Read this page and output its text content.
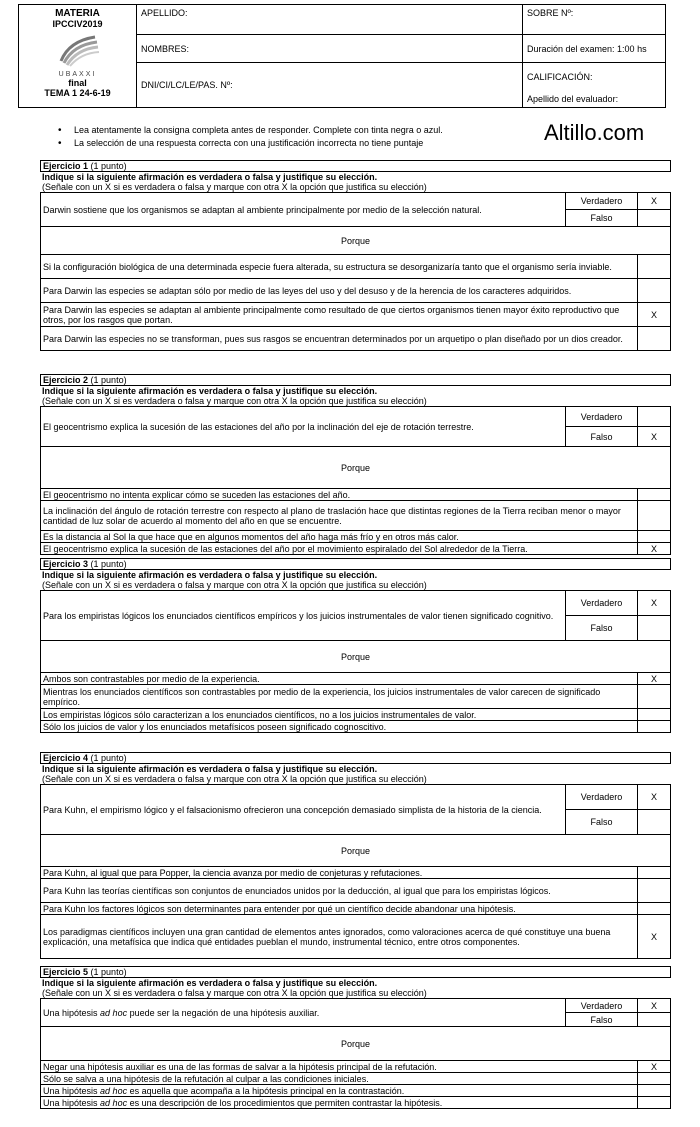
MATERIA
IPCCIV2019
UBAXXI
final
TEMA 1 24-6-19	APELLIDO:	SOBRE Nº:
	NOMBRES:	Duración del examen: 1:00 hs
	DNI/CI/LC/LE/PAS. Nº:	CALIFICACIÓN:
Apellido del evaluador:
• Lea atentamente la consigna completa antes de responder. Complete con tinta negra o azul.
• La selección de una respuesta correcta con una justificación incorrecta no tiene puntaje	Altillo.com
Ejercicio 1 (1 punto)
Indique si la siguiente afirmación es verdadera o falsa y justifique su elección.
(Señale con un X si es verdadera o falsa y marque con otra X la opción que justifica su elección)
Darwin sostiene que los organismos se adaptan al ambiente principalmente por medio de la selección natural.	Verdadero	X
	Falso	
Porque		
Si la configuración biológica de una determinada especie fuera alterada, su estructura se desorganizaría tanto que el organismo sería inviable.		
Para Darwin las especies se adaptan sólo por medio de las leyes del uso y del desuso y de la herencia de los caracteres adquiridos.		
Para Darwin las especies se adaptan al ambiente principalmente como resultado de que ciertos organismos tienen mayor éxito reproductivo que otros, por los rasgos que portan.		X
Para Darwin las especies no se transforman, pues sus rasgos se encuentran determinados por un arquetipo o plan diseñado por un dios creador.		
Ejercicio 2 (1 punto)
Indique si la siguiente afirmación es verdadera o falsa y justifique su elección.
(Señale con un X si es verdadera o falsa y marque con otra X la opción que justifica su elección)
El geocentrismo explica la sucesión de las estaciones del año por la inclinación del eje de rotación terrestre.	Verdadero	
	Falso	X
Porque		
El geocentrismo no intenta explicar cómo se suceden las estaciones del año.		
La inclinación del ángulo de rotación terrestre con respecto al plano de traslación hace que distintas regiones de la Tierra reciban menor o mayor cantidad de luz solar de acuerdo al momento del año en que se encuentre.		
Es la distancia al Sol la que hace que en algunos momentos del año haga más frío y en otros más calor.		
El geocentrismo explica la sucesión de las estaciones del año por el movimiento espiralado del Sol alrededor de la Tierra.		X
Ejercicio 3 (1 punto)
Indique si la siguiente afirmación es verdadera o falsa y justifique su elección.
(Señale con un X si es verdadera o falsa y marque con otra X la opción que justifica su elección)
Para los empiristas lógicos los enunciados científicos empíricos y los juicios instrumentales de valor tienen significado cognitivo.	Verdadero	X
	Falso	
Porque		
Ambos son contrastables por medio de la experiencia.		X
Mientras los enunciados científicos son contrastables por medio de la experiencia, los juicios instrumentales de valor carecen de significado empírico.		
Los empiristas lógicos sólo caracterizan a los enunciados científicos, no a los juicios instrumentales de valor.		
Sólo los juicios de valor y los enunciados metafísicos poseen significado cognoscitivo.		
Ejercicio 4 (1 punto)
Indique si la siguiente afirmación es verdadera o falsa y justifique su elección.
(Señale con un X si es verdadera o falsa y marque con otra X la opción que justifica su elección)
Para Kuhn, el empirismo lógico y el falsacionismo ofrecieron una concepción demasiado simplista de la historia de la ciencia.	Verdadero	X
	Falso	
Porque		
Para Kuhn, al igual que para Popper, la ciencia avanza por medio de conjeturas y refutaciones.		
Para Kuhn las teorías científicas son conjuntos de enunciados unidos por la deducción, al igual que para los empiristas lógicos.		
Para Kuhn los factores lógicos son determinantes para entender por qué un científico decide abandonar una hipótesis.		
Los paradigmas científicos incluyen una gran cantidad de elementos antes ignorados, como valoraciones acerca de qué constituye una buena explicación, una metafísica que indica qué entidades pueblan el mundo, instrumental técnico, entre otros componentes.		X
Ejercicio 5 (1 punto)
Indique si la siguiente afirmación es verdadera o falsa y justifique su elección.
(Señale con un X si es verdadera o falsa y marque con otra X la opción que justifica su elección)
Una hipótesis ad hoc puede ser la negación de una hipótesis auxiliar.	Verdadero	X
	Falso	
Porque		
Negar una hipótesis auxiliar es una de las formas de salvar a la hipótesis principal de la refutación.		X
Sólo se salva a una hipótesis de la refutación al culpar a las condiciones iniciales.		
Una hipótesis ad hoc es aquella que acompaña a la hipótesis principal en la contrastación.		
Una hipótesis ad hoc es una descripción de los procedimientos que permiten contrastar la hipótesis.		
